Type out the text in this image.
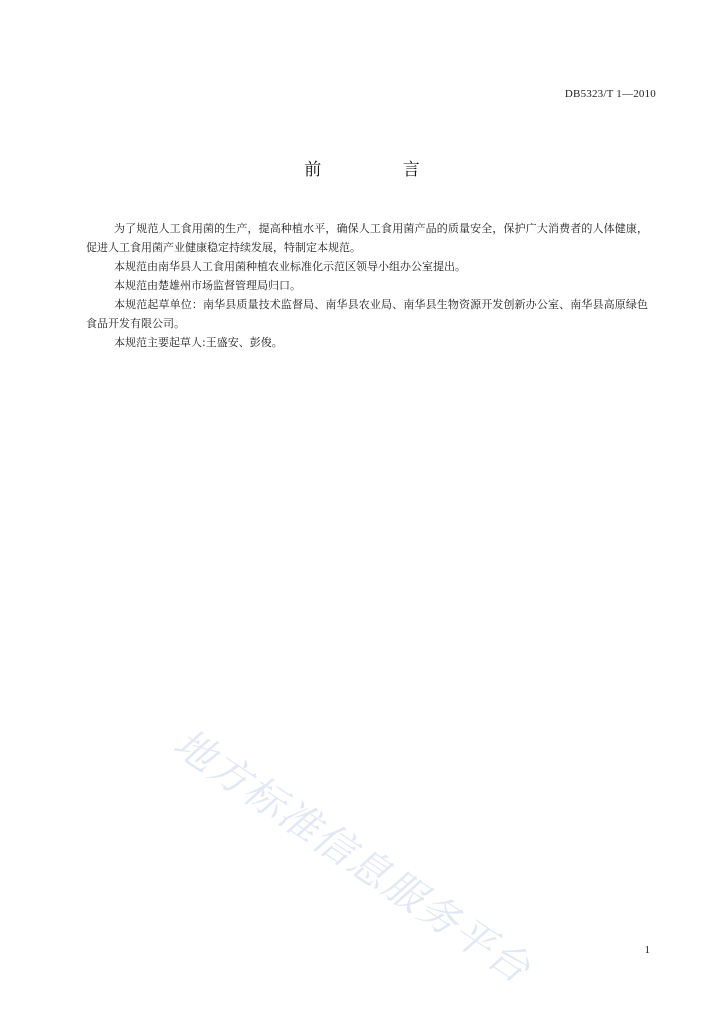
DB5323/T 1—2010
前 言

为了规范人工食用菌的生产，提高种植水平，确保人工食用菌产品的质量安全，保护广大消费者的人体健康，促进人工食用菌产业健康稳定持续发展，特制定本规范。

本规范由南华县人工食用菌种植农业标准化示范区领导小组办公室提出。

本规范由楚雄州市场监督管理局归口。

本规范起草单位：南华县质量技术监督局、南华县农业局、南华县生物资源开发创新办公室、南华县高原绿色食品开发有限公司。

本规范主要起草人:王盛安、彭俊。

地方标准信息服务平台	1
